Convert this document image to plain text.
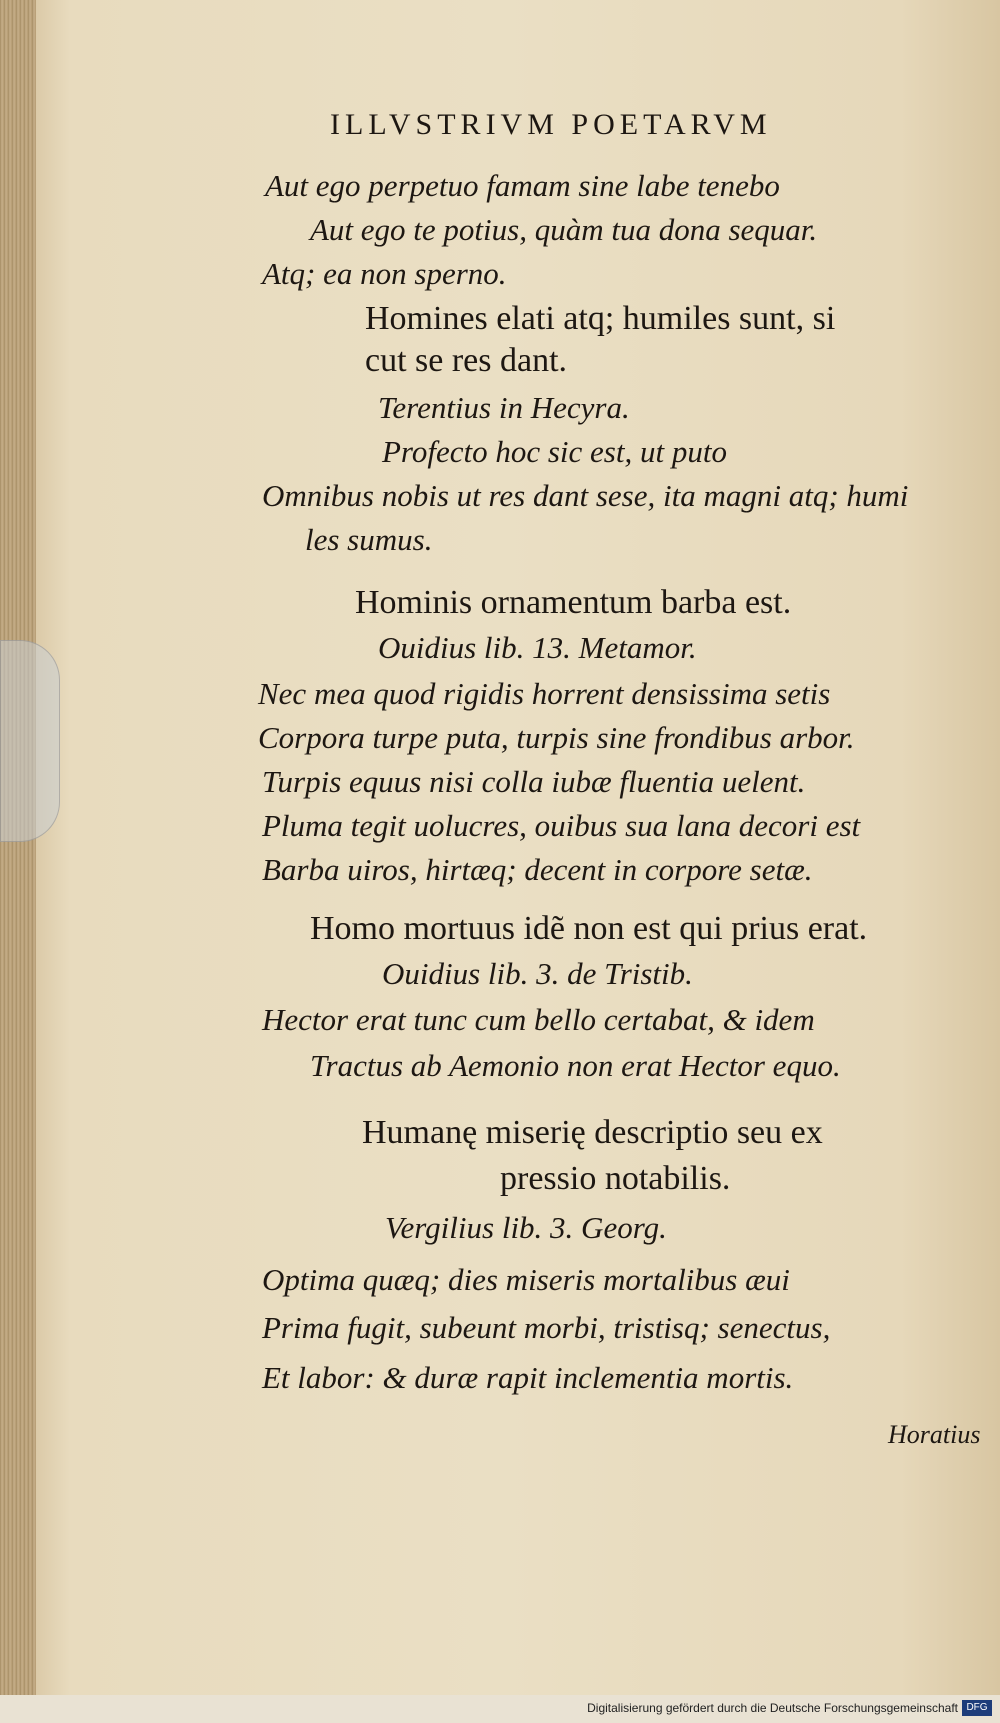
ILLVSTRIVM POETARVM
Aut ego perpetuo famam sine labe tenebo
Aut ego te potius, quàm tua dona sequar.
Atq; ea non sperno.
Homines elati atq; humiles sunt, si
cut se res dant.
Terentius in Hecyra.
Profecto hoc sic est, ut puto
Omnibus nobis ut res dant sese, ita magni atq; humi
les sumus.
Hominis ornamentum barba est.
Ouidius lib. 13. Metamor.
Nec mea quod rigidis horrent densissima setis
Corpora turpe puta, turpis sine frondibus arbor.
Turpis equus nisi colla iubæ fluentia uelent.
Pluma tegit uolucres, ouibus sua lana decori est
Barba uiros, hirtæq; decent in corpore setæ.
Homo mortuus idẽ non est qui prius erat.
Ouidius lib. 3. de Tristib.
Hector erat tunc cum bello certabat, & idem
Tractus ab Aemonio non erat Hector equo.
Humanę miserię descriptio seu ex
pressio notabilis.
Vergilius lib. 3. Georg.
Optima quæq; dies miseris mortalibus æui
Prima fugit, subeunt morbi, tristisq; senectus,
Et labor: & duræ rapit inclementia mortis.
Horatius
Digitalisierung gefördert durch die Deutsche Forschungsgemeinschaft DFG
